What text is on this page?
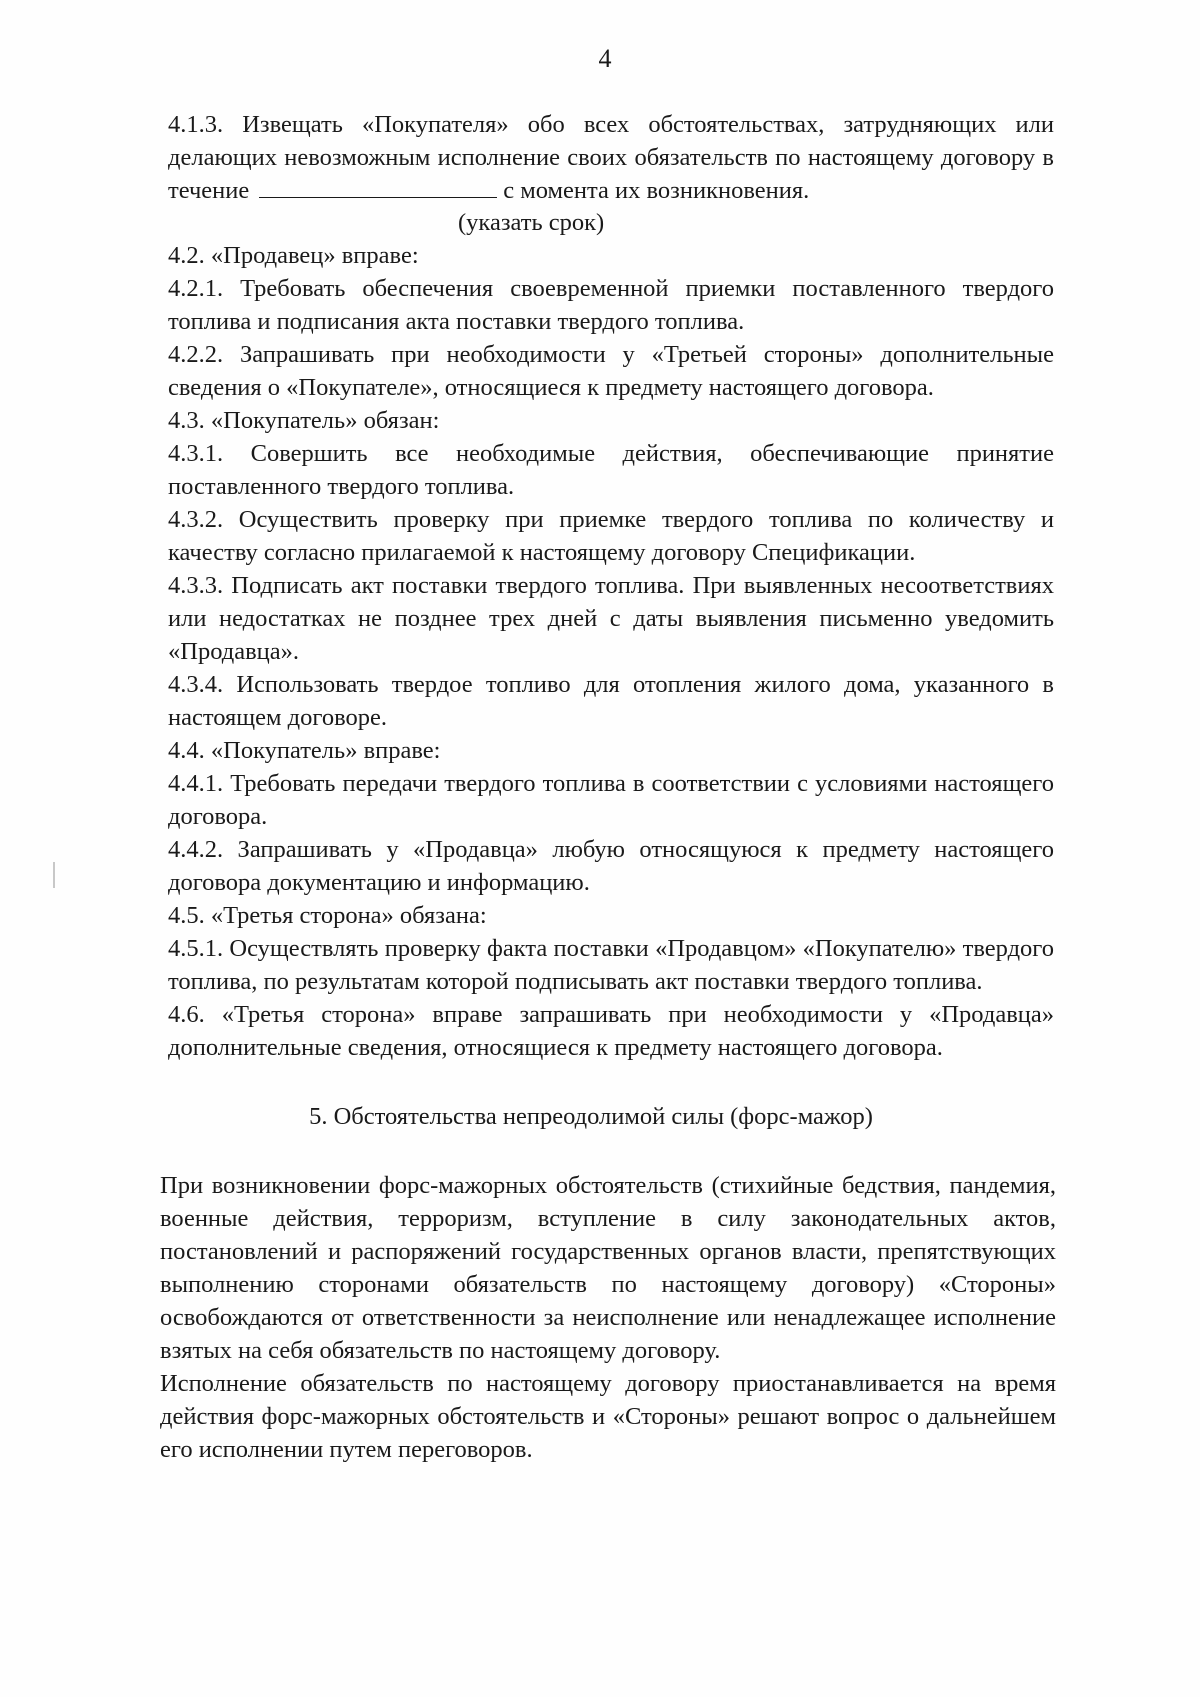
4

4.1.3. Извещать «Покупателя» обо всех обстоятельствах, затрудняющих или делающих невозможным исполнение своих обязательств по настоящему договору в течение	с момента их возникновения.

(указать срок)

4.2. «Продавец» вправе:

4.2.1. Требовать обеспечения своевременной приемки поставленного твердого топлива и подписания акта поставки твердого топлива.

4.2.2. Запрашивать при необходимости у «Третьей стороны» дополнительные сведения о «Покупателе», относящиеся к предмету настоящего договора.

4.3. «Покупатель» обязан:

4.3.1. Совершить все необходимые действия, обеспечивающие принятие поставленного твердого топлива.

4.3.2. Осуществить проверку при приемке твердого топлива по количеству и качеству согласно прилагаемой к настоящему договору Спецификации.

4.3.3. Подписать акт поставки твердого топлива. При выявленных несоответствиях или недостатках не позднее трех дней с даты выявления письменно уведомить «Продавца».

4.3.4. Использовать твердое топливо для отопления жилого дома, указанного в настоящем договоре.

4.4. «Покупатель» вправе:

4.4.1. Требовать передачи твердого топлива в соответствии с условиями настоящего договора.

4.4.2. Запрашивать у «Продавца» любую относящуюся к предмету настоящего договора документацию и информацию.

4.5. «Третья сторона» обязана:

4.5.1. Осуществлять проверку факта поставки «Продавцом» «Покупателю» твердого топлива, по результатам которой подписывать акт поставки твердого топлива.

4.6. «Третья сторона» вправе запрашивать при необходимости у «Продавца» дополнительные сведения, относящиеся к предмету настоящего договора.

5. Обстоятельства непреодолимой силы (форс-мажор)

При возникновении форс-мажорных обстоятельств (стихийные бедствия, пандемия, военные действия, терроризм, вступление в силу законодательных актов, постановлений и распоряжений государственных органов власти, препятствующих выполнению сторонами обязательств по настоящему договору) «Стороны» освобождаются от ответственности за неисполнение или ненадлежащее исполнение взятых на себя обязательств по настоящему договору.

Исполнение обязательств по настоящему договору приостанавливается на время действия форс-мажорных обстоятельств и «Стороны» решают вопрос о дальнейшем его исполнении путем переговоров.
